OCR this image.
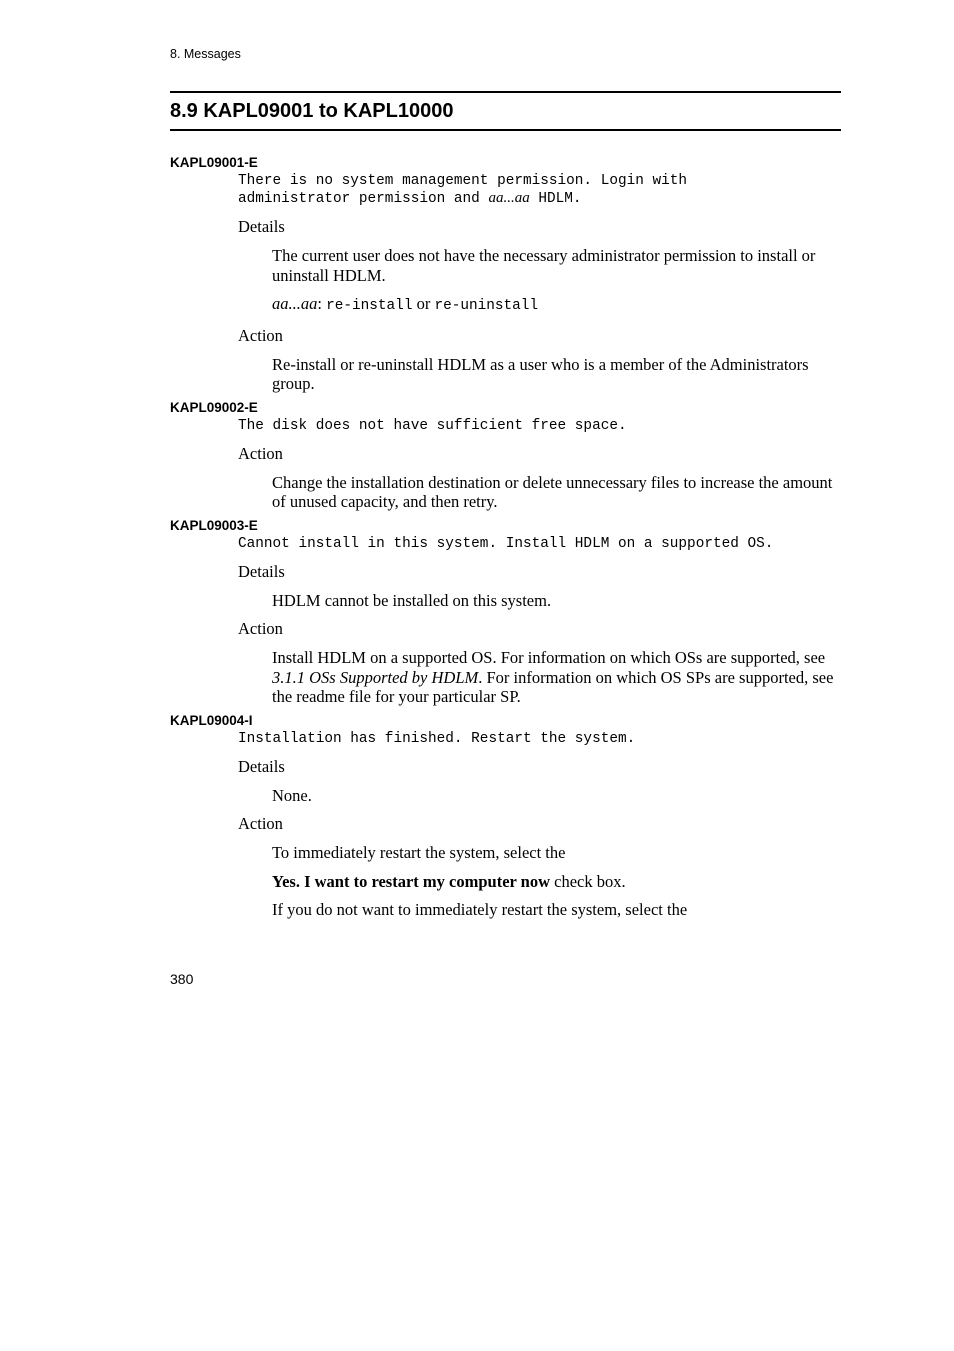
8. Messages
8.9 KAPL09001 to KAPL10000
KAPL09001-E
There is no system management permission. Login with
administrator permission and aa...aa HDLM.
Details
The current user does not have the necessary administrator permission to install or uninstall HDLM.
aa...aa: re-install or re-uninstall
Action
Re-install or re-uninstall HDLM as a user who is a member of the Administrators group.
KAPL09002-E
The disk does not have sufficient free space.
Action
Change the installation destination or delete unnecessary files to increase the amount of unused capacity, and then retry.
KAPL09003-E
Cannot install in this system. Install HDLM on a supported OS.
Details
HDLM cannot be installed on this system.
Action
Install HDLM on a supported OS. For information on which OSs are supported, see 3.1.1 OSs Supported by HDLM. For information on which OS SPs are supported, see the readme file for your particular SP.
KAPL09004-I
Installation has finished. Restart the system.
Details
None.
Action
To immediately restart the system, select the
Yes. I want to restart my computer now check box.
If you do not want to immediately restart the system, select the
380
